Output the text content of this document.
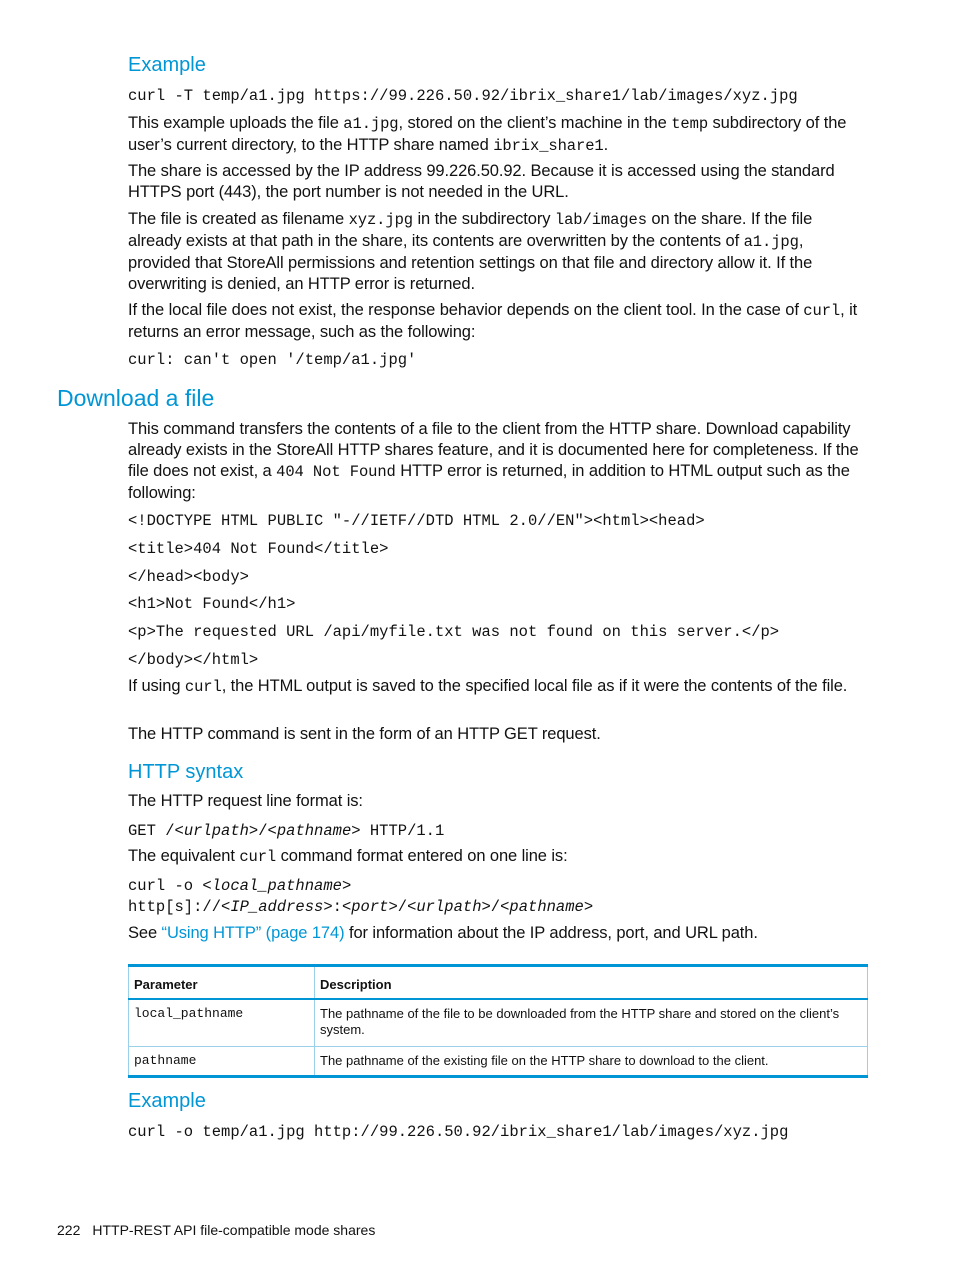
Example
curl -T temp/a1.jpg https://99.226.50.92/ibrix_share1/lab/images/xyz.jpg

This example uploads the file a1.jpg, stored on the client’s machine in the temp subdirectory of the user’s current directory, to the HTTP share named ibrix_share1.

The share is accessed by the IP address 99.226.50.92. Because it is accessed using the standard HTTPS port (443), the port number is not needed in the URL.

The file is created as filename xyz.jpg in the subdirectory lab/images on the share. If the file already exists at that path in the share, its contents are overwritten by the contents of a1.jpg, provided that StoreAll permissions and retention settings on that file and directory allow it. If the overwriting is denied, an HTTP error is returned.

If the local file does not exist, the response behavior depends on the client tool. In the case of curl, it returns an error message, such as the following:

curl: can't open '/temp/a1.jpg'
Download a file

This command transfers the contents of a file to the client from the HTTP share. Download capability already exists in the StoreAll HTTP shares feature, and it is documented here for completeness. If the file does not exist, a 404 Not Found HTTP error is returned, in addition to HTML output such as the following:

<!DOCTYPE HTML PUBLIC "-//IETF//DTD HTML 2.0//EN"><html><head>
<title>404 Not Found</title>
</head><body>
<h1>Not Found</h1>
<p>The requested URL /api/myfile.txt was not found on this server.</p>
</body></html>

If using curl, the HTML output is saved to the specified local file as if it were the contents of the file.

The HTTP command is sent in the form of an HTTP GET request.

HTTP syntax

The HTTP request line format is:

GET /<urlpath>/<pathname> HTTP/1.1

The equivalent curl command format entered on one line is:

curl -o <local_pathname>
http[s]://<IP_address>:<port>/<urlpath>/<pathname>

See “Using HTTP” (page 174) for information about the IP address, port, and URL path.

Parameter	Description
local_pathname	The pathname of the file to be downloaded from the HTTP share and stored on the client’s system.
pathname	The pathname of the existing file on the HTTP share to download to the client.
Example
curl -o temp/a1.jpg http://99.226.50.92/ibrix_share1/lab/images/xyz.jpg
222 HTTP-REST API file-compatible mode shares
